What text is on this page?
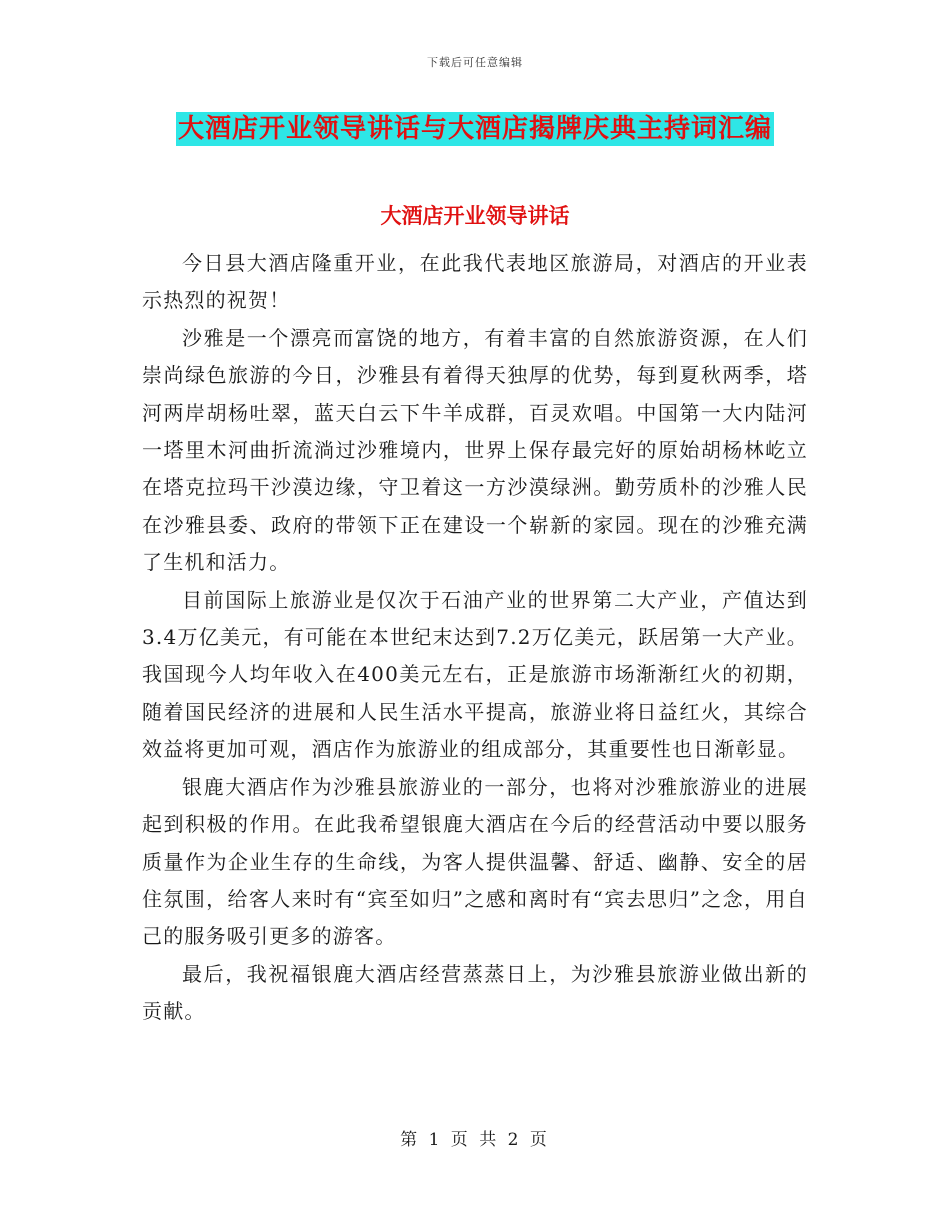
下载后可任意编辑
大酒店开业领导讲话与大酒店揭牌庆典主持词汇编
大酒店开业领导讲话

今日县大酒店隆重开业，在此我代表地区旅游局，对酒店的开业表示热烈的祝贺！

沙雅是一个漂亮而富饶的地方，有着丰富的自然旅游资源，在人们崇尚绿色旅游的今日，沙雅县有着得天独厚的优势，每到夏秋两季，塔河两岸胡杨吐翠，蓝天白云下牛羊成群，百灵欢唱。中国第一大内陆河一塔里木河曲折流淌过沙雅境内，世界上保存最完好的原始胡杨林屹立在塔克拉玛干沙漠边缘，守卫着这一方沙漠绿洲。勤劳质朴的沙雅人民在沙雅县委、政府的带领下正在建设一个崭新的家园。现在的沙雅充满了生机和活力。

目前国际上旅游业是仅次于石油产业的世界第二大产业，产值达到3.4万亿美元，有可能在本世纪末达到7.2万亿美元，跃居第一大产业。我国现今人均年收入在400美元左右，正是旅游市场渐渐红火的初期，随着国民经济的进展和人民生活水平提高，旅游业将日益红火，其综合效益将更加可观，酒店作为旅游业的组成部分，其重要性也日渐彰显。

银鹿大酒店作为沙雅县旅游业的一部分，也将对沙雅旅游业的进展起到积极的作用。在此我希望银鹿大酒店在今后的经营活动中要以服务质量作为企业生存的生命线，为客人提供温馨、舒适、幽静、安全的居住氛围，给客人来时有“宾至如归”之感和离时有“宾去思归”之念，用自己的服务吸引更多的游客。

最后，我祝福银鹿大酒店经营蒸蒸日上，为沙雅县旅游业做出新的贡献。

第 1 页 共 2 页
